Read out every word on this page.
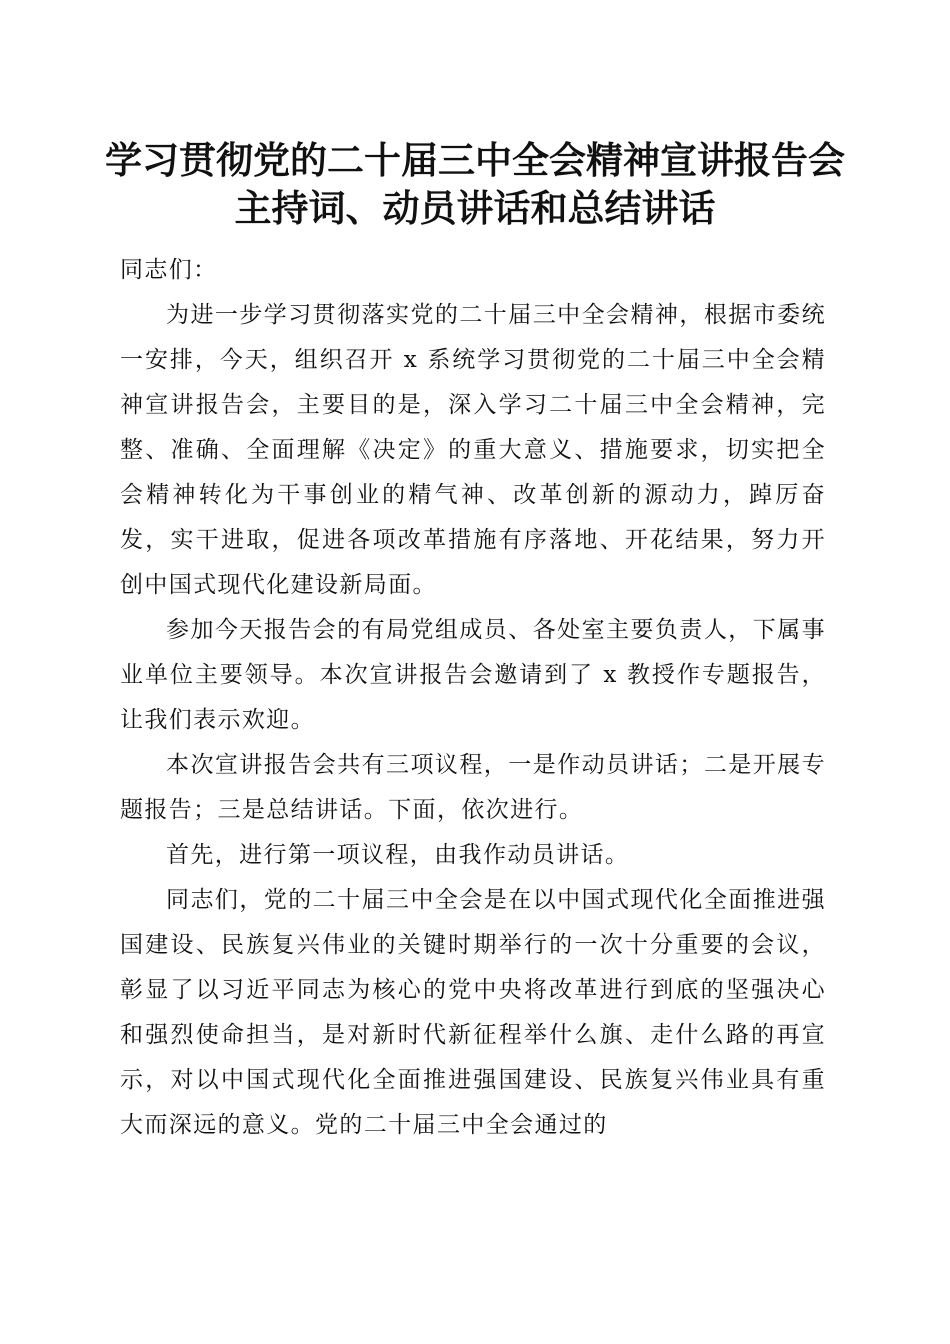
学习贯彻党的二十届三中全会精神宣讲报告会
主持词、动员讲话和总结讲话

同志们：

为进一步学习贯彻落实党的二十届三中全会精神，根据市委统一安排，今天，组织召开 x 系统学习贯彻党的二十届三中全会精神宣讲报告会，主要目的是，深入学习二十届三中全会精神，完整、准确、全面理解《决定》的重大意义、措施要求，切实把全会精神转化为干事创业的精气神、改革创新的源动力，踔厉奋发，实干进取，促进各项改革措施有序落地、开花结果，努力开创中国式现代化建设新局面。

参加今天报告会的有局党组成员、各处室主要负责人，下属事业单位主要领导。本次宣讲报告会邀请到了 x 教授作专题报告，让我们表示欢迎。

本次宣讲报告会共有三项议程，一是作动员讲话；二是开展专题报告；三是总结讲话。下面，依次进行。

首先，进行第一项议程，由我作动员讲话。

同志们，党的二十届三中全会是在以中国式现代化全面推进强国建设、民族复兴伟业的关键时期举行的一次十分重要的会议，彰显了以习近平同志为核心的党中央将改革进行到底的坚强决心和强烈使命担当，是对新时代新征程举什么旗、走什么路的再宣示，对以中国式现代化全面推进强国建设、民族复兴伟业具有重大而深远的意义。党的二十届三中全会通过的
